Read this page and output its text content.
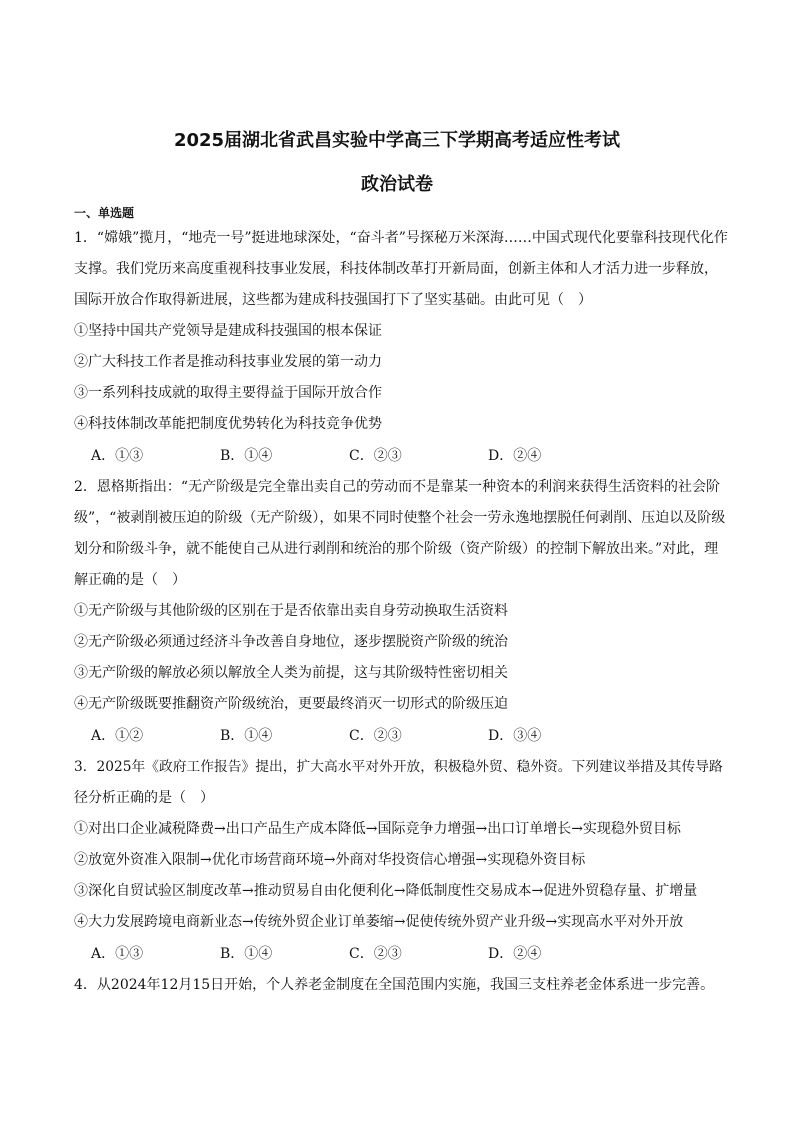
2025届湖北省武昌实验中学高三下学期高考适应性考试
政治试卷
一、单选题
1．“嫦娥”揽月，“地壳一号”挺进地球深处，“奋斗者”号探秘万米深海……中国式现代化要靠科技现代化作
支撑。我们党历来高度重视科技事业发展，科技体制改革打开新局面，创新主体和人才活力进一步释放，
国际开放合作取得新进展，这些都为建成科技强国打下了坚实基础。由此可见（　）
①坚持中国共产党领导是建成科技强国的根本保证
②广大科技工作者是推动科技事业发展的第一动力
③一系列科技成就的取得主要得益于国际开放合作
④科技体制改革能把制度优势转化为科技竞争优势
A．①③	B．①④	C．②③	D．②④
2．恩格斯指出：“无产阶级是完全靠出卖自己的劳动而不是靠某一种资本的利润来获得生活资料的社会阶
级”，“被剥削被压迫的阶级（无产阶级），如果不同时使整个社会一劳永逸地摆脱任何剥削、压迫以及阶级
划分和阶级斗争，就不能使自己从进行剥削和统治的那个阶级（资产阶级）的控制下解放出来。”对此，理
解正确的是（　）
①无产阶级与其他阶级的区别在于是否依靠出卖自身劳动换取生活资料
②无产阶级必须通过经济斗争改善自身地位，逐步摆脱资产阶级的统治
③无产阶级的解放必须以解放全人类为前提，这与其阶级特性密切相关
④无产阶级既要推翻资产阶级统治，更要最终消灭一切形式的阶级压迫
A．①②	B．①④	C．②③	D．③④
3．2025年《政府工作报告》提出，扩大高水平对外开放，积极稳外贸、稳外资。下列建议举措及其传导路
径分析正确的是（　）
①对出口企业减税降费→出口产品生产成本降低→国际竞争力增强→出口订单增长→实现稳外贸目标
②放宽外资准入限制→优化市场营商环境→外商对华投资信心增强→实现稳外资目标
③深化自贸试验区制度改革→推动贸易自由化便利化→降低制度性交易成本→促进外贸稳存量、扩增量
④大力发展跨境电商新业态→传统外贸企业订单萎缩→促使传统外贸产业升级→实现高水平对外开放
A．①③	B．①④	C．②③	D．②④
4．从2024年12月15日开始，个人养老金制度在全国范围内实施，我国三支柱养老金体系进一步完善。
